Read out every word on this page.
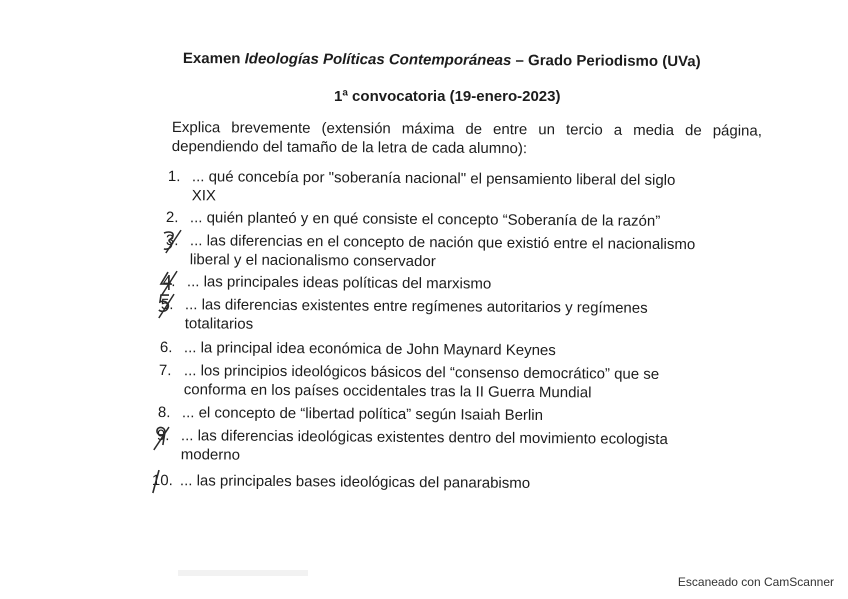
Examen Ideologías Políticas Contemporáneas – Grado Periodismo (UVa)
1ª convocatoria (19-enero-2023)
Explica brevemente (extensión máxima de entre un tercio a media de página, dependiendo del tamaño de la letra de cada alumno):
1. ... qué concebía por "soberanía nacional" el pensamiento liberal del siglo
XIX
2. ... quién planteó y en qué consiste el concepto “Soberanía de la razón”
3. ... las diferencias en el concepto de nación que existió entre el nacionalismo
liberal y el nacionalismo conservador
4. ... las principales ideas políticas del marxismo
5. ... las diferencias existentes entre regímenes autoritarios y regímenes
totalitarios
6. ... la principal idea económica de John Maynard Keynes
7. ... los principios ideológicos básicos del “consenso democrático” que se
conforma en los países occidentales tras la II Guerra Mundial
8. ... el concepto de “libertad política” según Isaiah Berlin
9. ... las diferencias ideológicas existentes dentro del movimiento ecologista
moderno
10. ... las principales bases ideológicas del panarabismo
Escaneado con CamScanner
